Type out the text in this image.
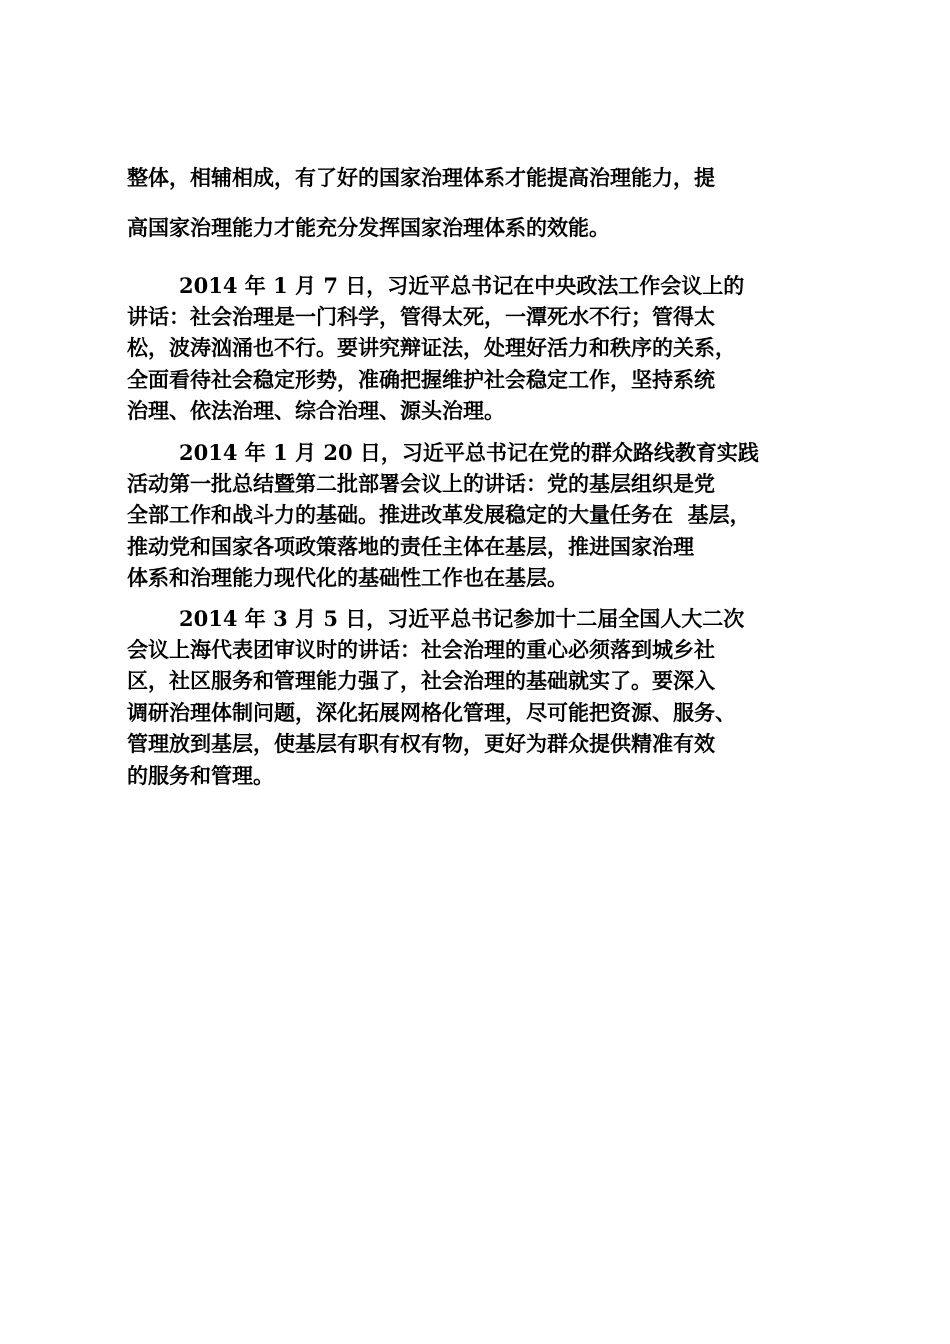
整体，相辅相成，有了好的国家治理体系才能提高治理能力，提
高国家治理能力才能充分发挥国家治理体系的效能。
2014 年 1 月 7 日，习近平总书记在中央政法工作会议上的
讲话：社会治理是一门科学，管得太死，一潭死水不行；管得太
松，波涛汹涌也不行。要讲究辩证法，处理好活力和秩序的关系，
全面看待社会稳定形势，准确把握维护社会稳定工作，坚持系统
治理、依法治理、综合治理、源头治理。
2014 年 1 月 20 日，习近平总书记在党的群众路线教育实践
活动第一批总结暨第二批部署会议上的讲话：党的基层组织是党
全部工作和战斗力的基础。推进改革发展稳定的大量任务在  基层，
推动党和国家各项政策落地的责任主体在基层，推进国家治理
体系和治理能力现代化的基础性工作也在基层。
2014 年 3 月 5 日，习近平总书记参加十二届全国人大二次
会议上海代表团审议时的讲话：社会治理的重心必须落到城乡社
区，社区服务和管理能力强了，社会治理的基础就实了。要深入
调研治理体制问题，深化拓展网格化管理，尽可能把资源、服务、
管理放到基层，使基层有职有权有物，更好为群众提供精准有效
的服务和管理。
